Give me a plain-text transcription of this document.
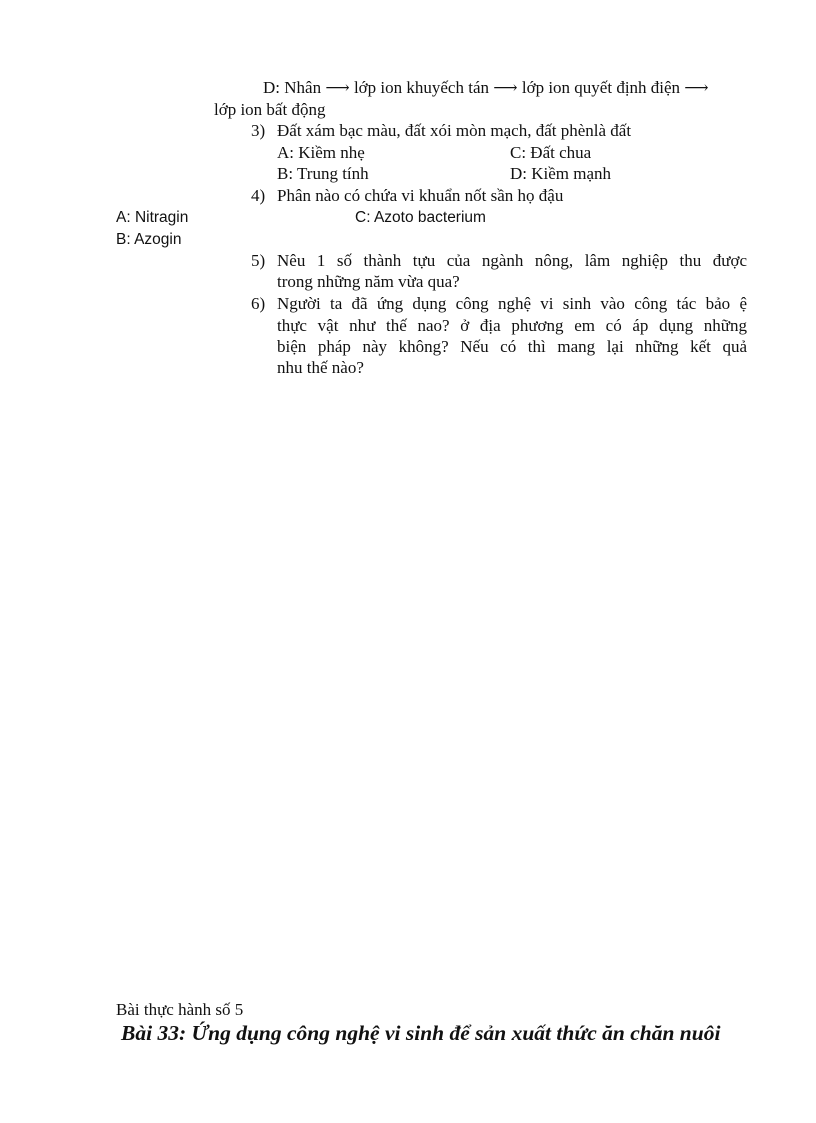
D: Nhân ⟶ lớp ion khuyếch tán ⟶ lớp ion quyết định điện ⟶
lớp ion bất động
3) Đất xám bạc màu, đất xói mòn mạch, đất phènlà đất
A: Kiềm nhẹ	C: Đất chua
B: Trung tính	D: Kiềm mạnh
4) Phân nào có chứa vi khuẩn nốt sần họ đậu
A: Nitragin	C: Azoto bacterium
B: Azogin
5) Nêu 1 số thành tựu của ngành nông, lâm nghiệp thu được
trong những năm vừa qua?
6) Người ta đã ứng dụng công nghệ vi sinh vào công tác bảo ệ
thực vật như thế nao? ở địa phương em có áp dụng những
biện pháp này không? Nếu có thì mang lại những kết quả
nhu thế nào?
Bài thực hành số 5
Bài 33: Ứng dụng công nghệ vi sinh để sản xuất thức ăn chăn nuôi
